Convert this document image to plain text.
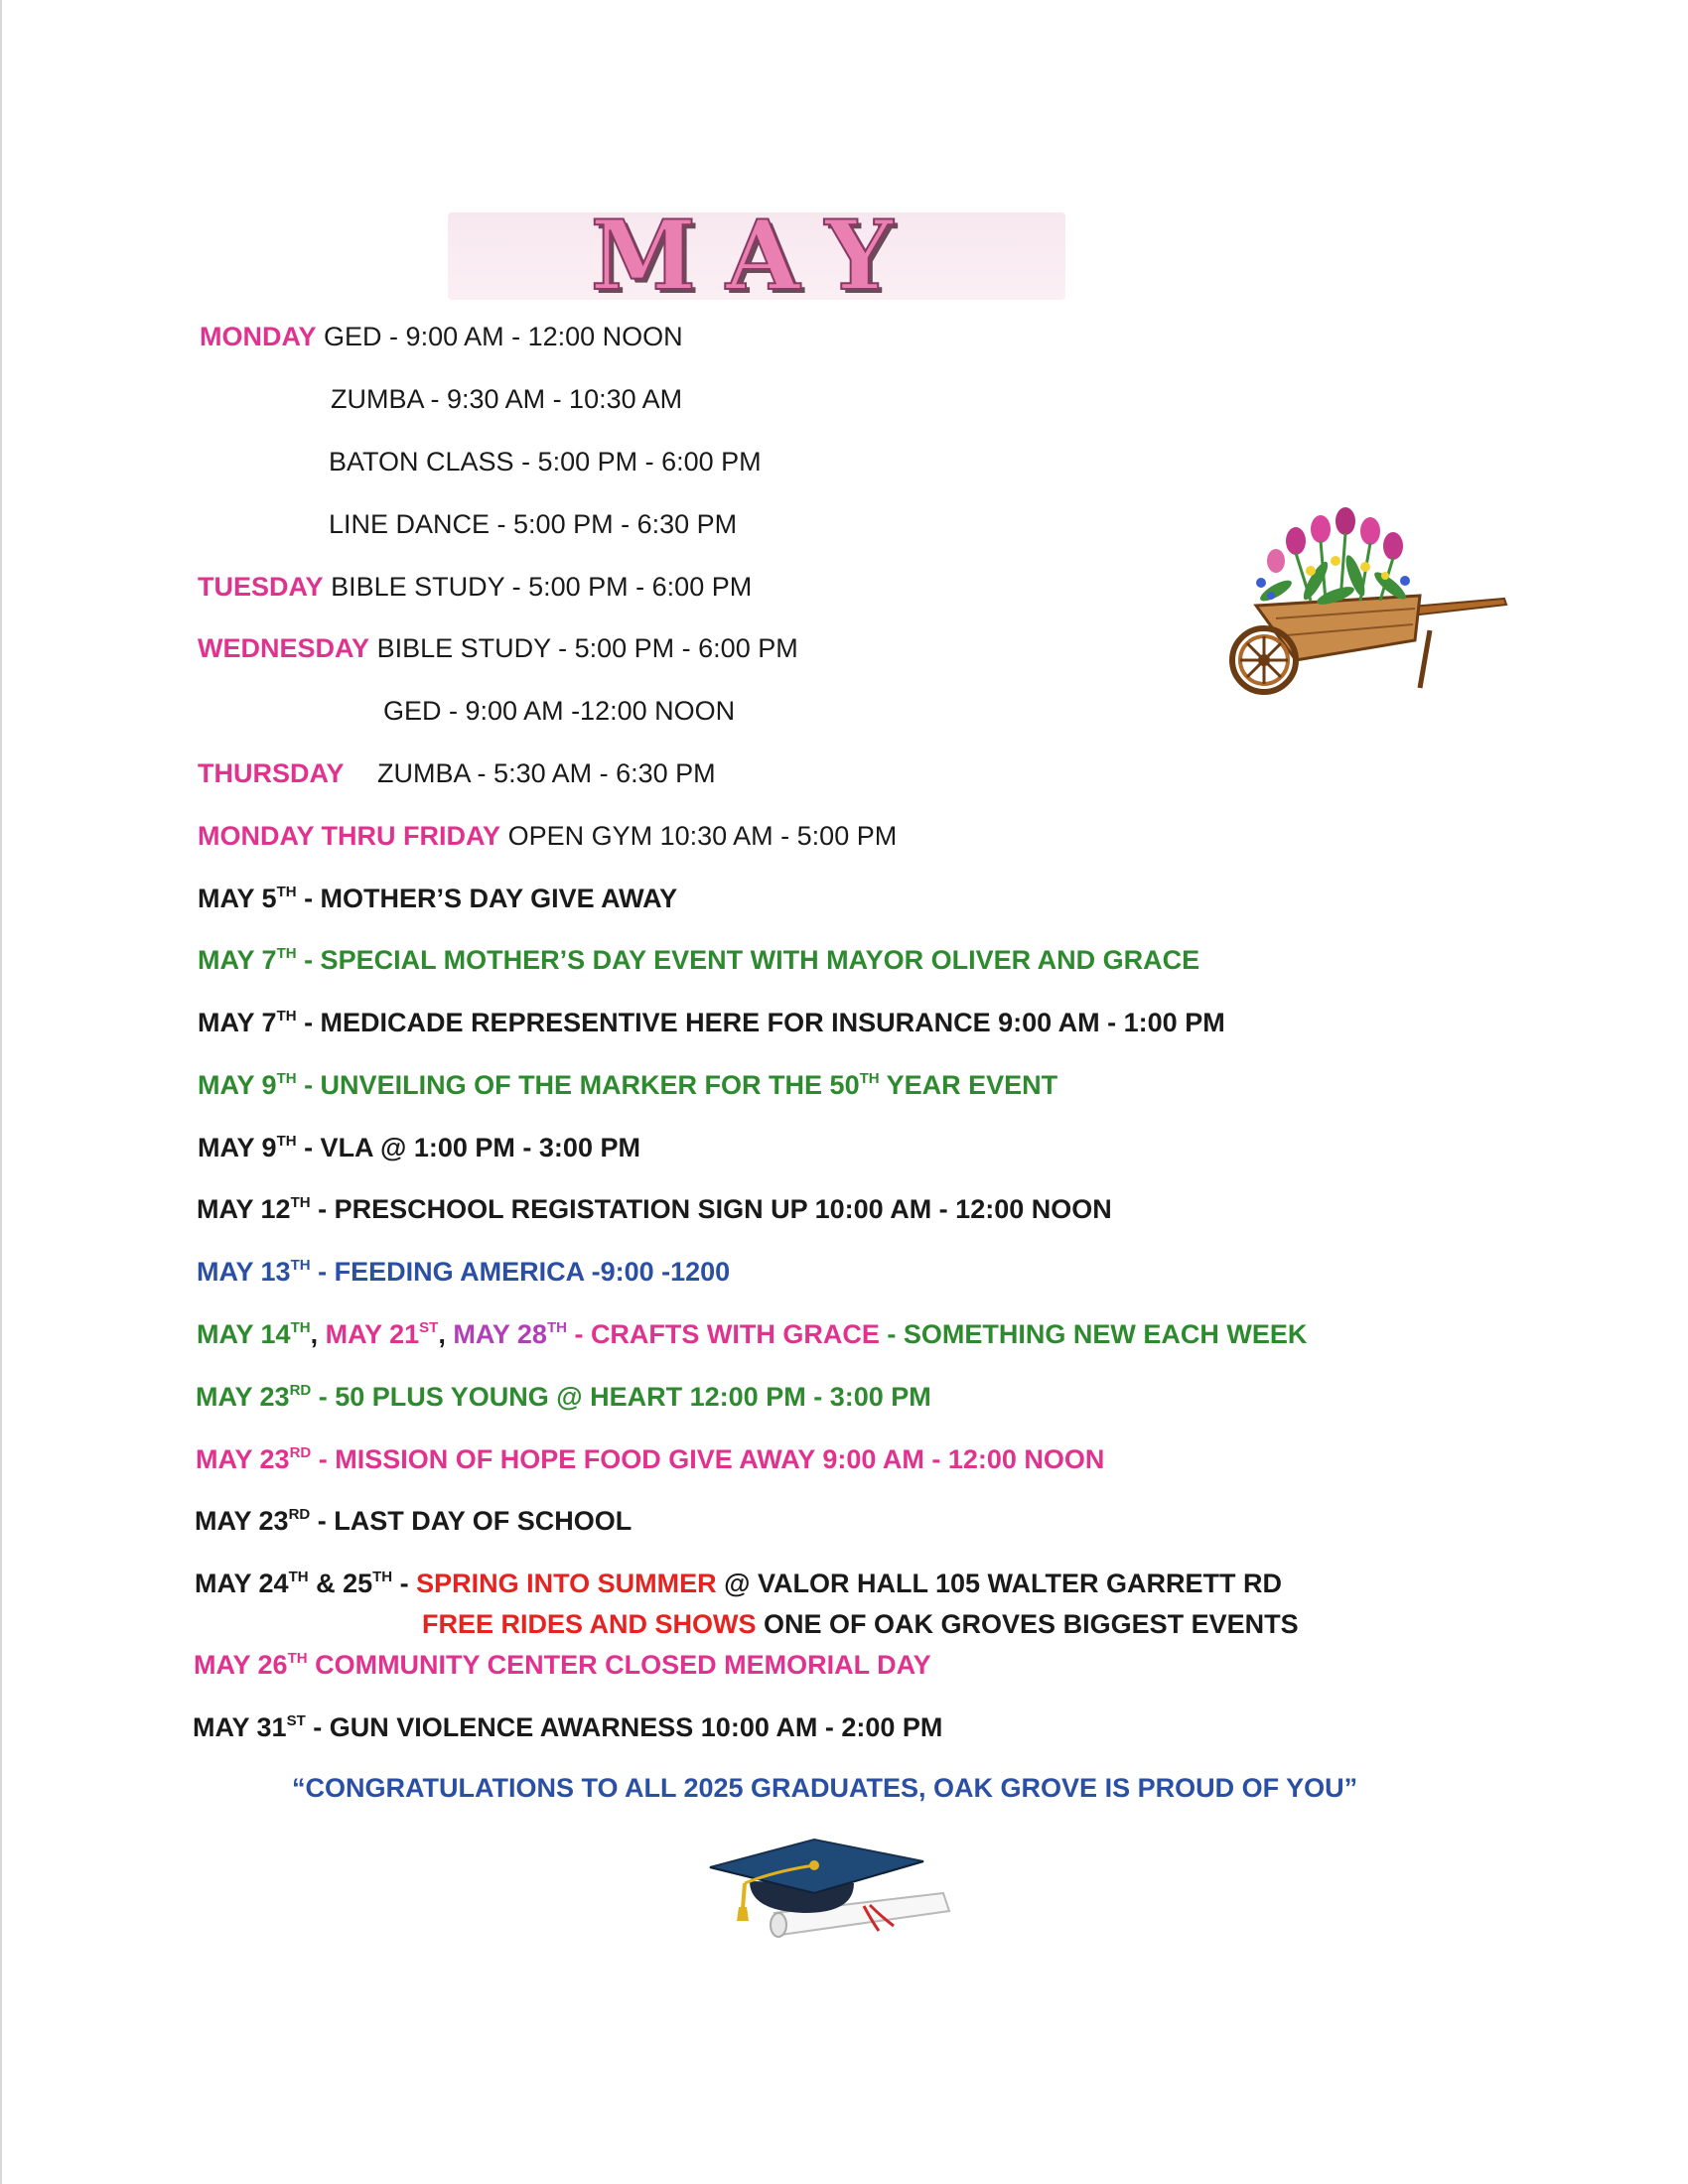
MAY
MONDAY GED - 9:00 AM - 12:00 NOON
ZUMBA - 9:30 AM - 10:30 AM
BATON CLASS - 5:00 PM - 6:00 PM
LINE DANCE - 5:00 PM - 6:30 PM
TUESDAY BIBLE STUDY - 5:00 PM - 6:00 PM
WEDNESDAY BIBLE STUDY - 5:00 PM - 6:00 PM
GED - 9:00 AM -12:00 NOON
THURSDAY ZUMBA - 5:30 AM - 6:30 PM
MONDAY THRU FRIDAY OPEN GYM 10:30 AM - 5:00 PM
MAY 5TH - MOTHER’S DAY GIVE AWAY
MAY 7TH - SPECIAL MOTHER’S DAY EVENT WITH MAYOR OLIVER AND GRACE
MAY 7TH - MEDICADE REPRESENTIVE HERE FOR INSURANCE 9:00 AM - 1:00 PM
MAY 9TH - UNVEILING OF THE MARKER FOR THE 50TH YEAR EVENT
MAY 9TH - VLA @ 1:00 PM - 3:00 PM
MAY 12TH - PRESCHOOL REGISTATION SIGN UP 10:00 AM - 12:00 NOON
MAY 13TH - FEEDING AMERICA -9:00 -1200
MAY 14TH, MAY 21ST, MAY 28TH - CRAFTS WITH GRACE - SOMETHING NEW EACH WEEK
MAY 23RD - 50 PLUS YOUNG @ HEART 12:00 PM - 3:00 PM
MAY 23RD - MISSION OF HOPE FOOD GIVE AWAY 9:00 AM - 12:00 NOON
MAY 23RD - LAST DAY OF SCHOOL
MAY 24TH & 25TH - SPRING INTO SUMMER @ VALOR HALL 105 WALTER GARRETT RD
FREE RIDES AND SHOWS ONE OF OAK GROVES BIGGEST EVENTS
MAY 26TH COMMUNITY CENTER CLOSED MEMORIAL DAY
MAY 31ST - GUN VIOLENCE AWARNESS 10:00 AM - 2:00 PM
“CONGRATULATIONS TO ALL 2025 GRADUATES, OAK GROVE IS PROUD OF YOU”
